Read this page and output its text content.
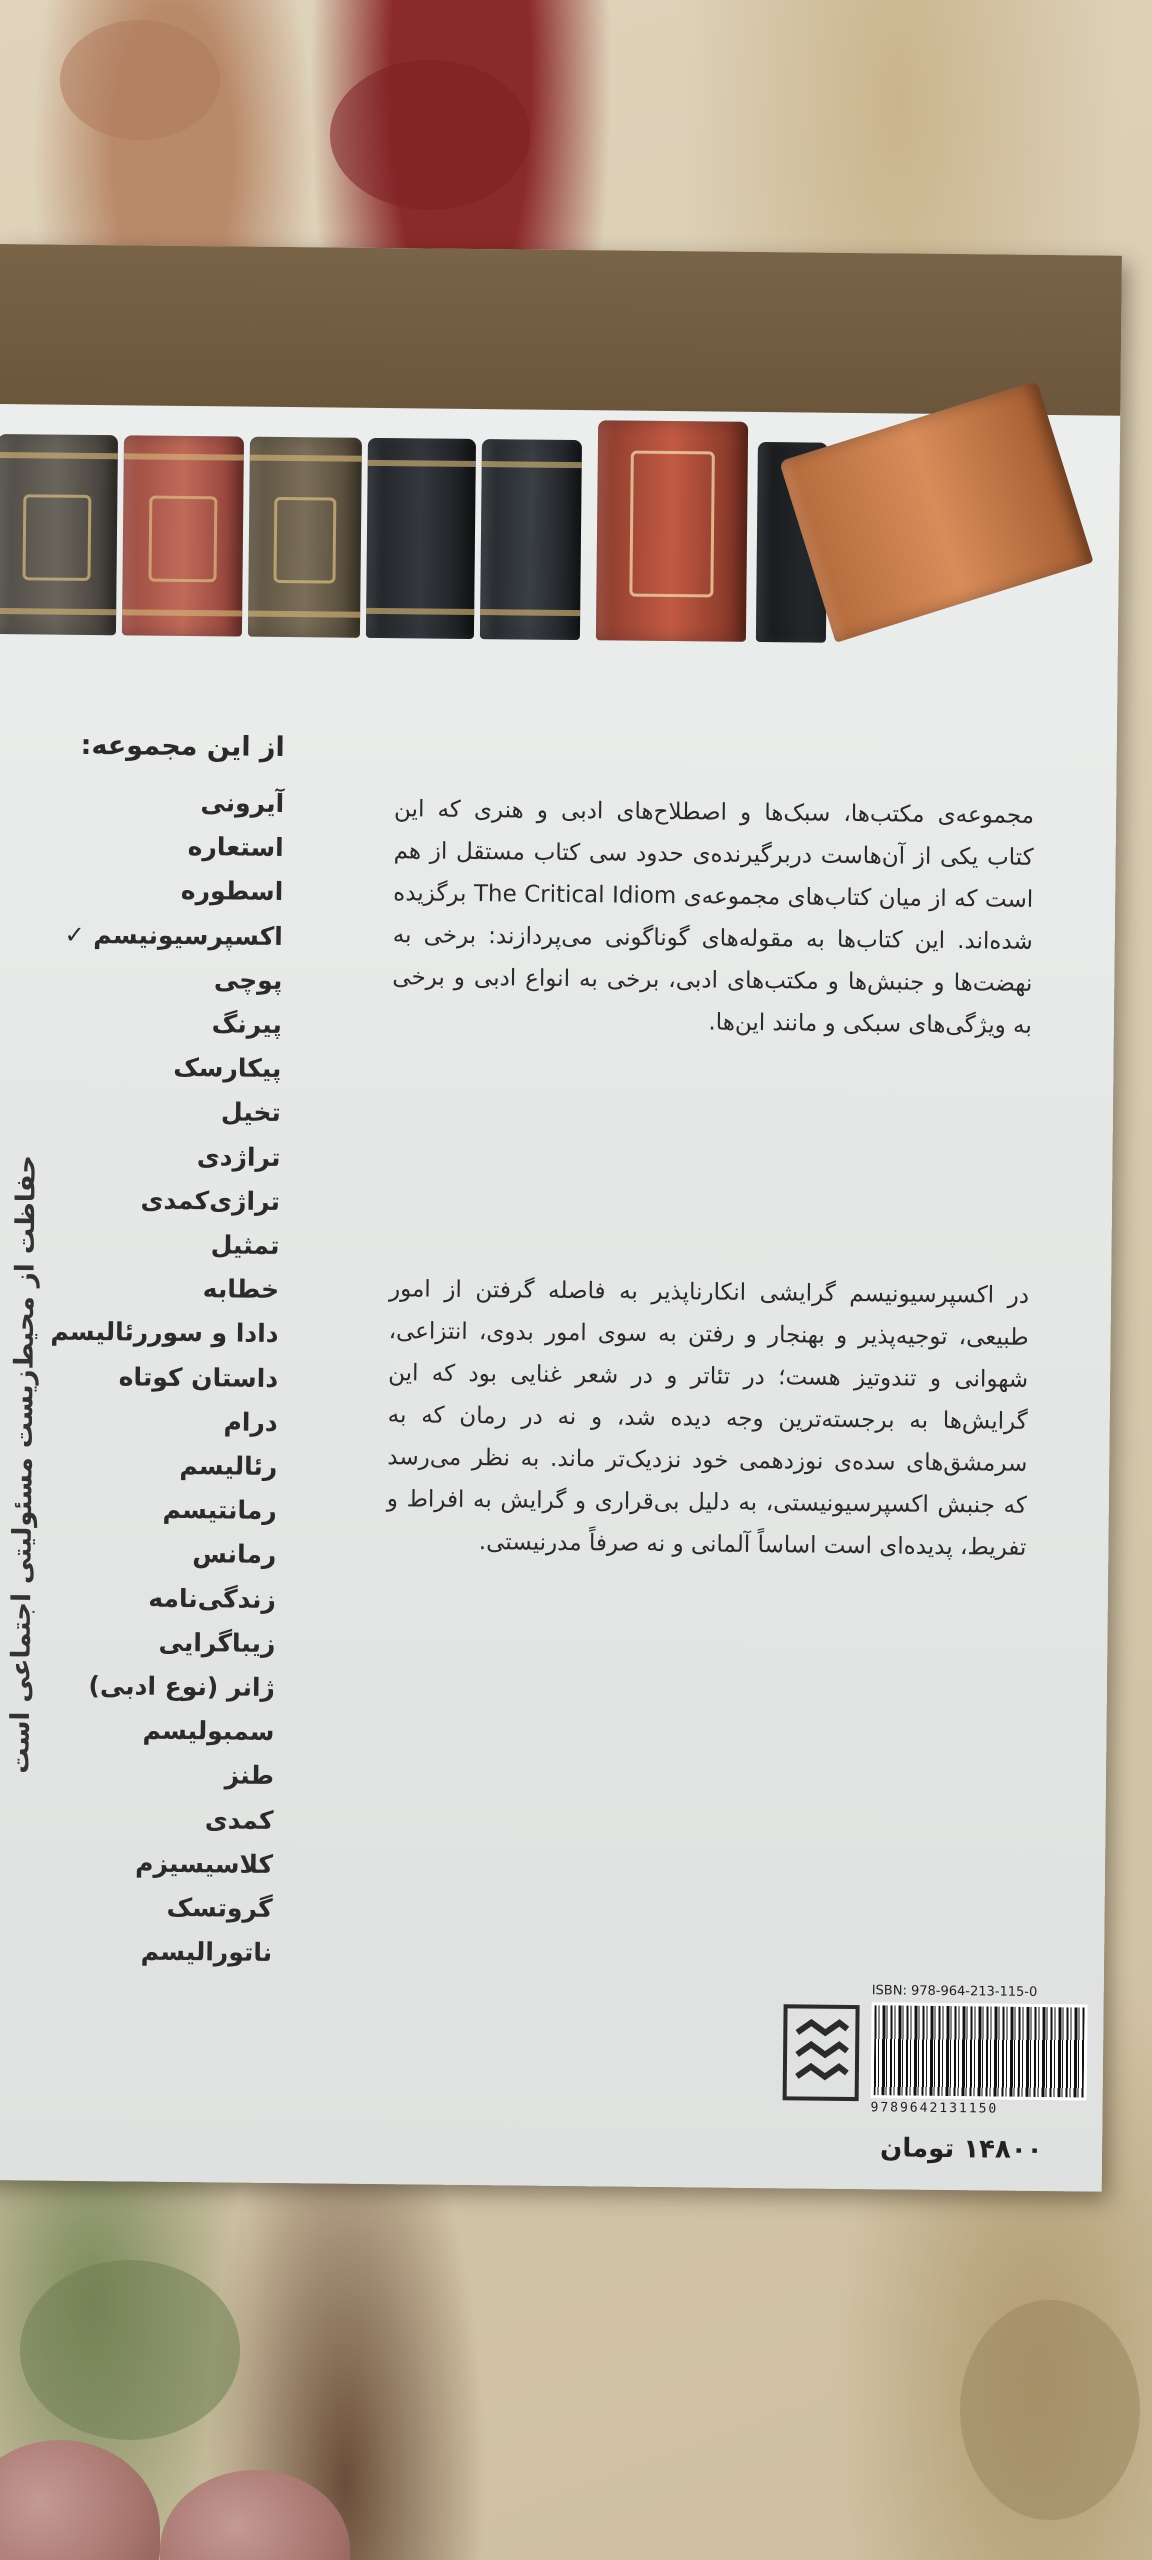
مجموعه‌ی مکتب‌ها، سبک‌ها و اصطلاح‌های ادبی و هنری که این کتاب یکی از آن‌هاست دربرگیرنده‌ی حدود سی کتاب مستقل از هم است که از میان کتاب‌های مجموعه‌ی The Critical Idiom برگزیده شده‌اند. این کتاب‌ها به مقوله‌های گوناگونی می‌پردازند: برخی به نهضت‌ها و جنبش‌ها و مکتب‌های ادبی، برخی به انواع ادبی و برخی به ویژگی‌های سبکی و مانند این‌ها.
در اکسپرسیونیسم گرایشی انکارناپذیر به فاصله گرفتن از امور طبیعی، توجیه‌پذیر و بهنجار و رفتن به سوی امور بدوی، انتزاعی، شهوانی و تندوتیز هست؛ در تئاتر و در شعر غنایی بود که این گرایش‌ها به برجسته‌ترین وجه دیده شد، و نه در رمان که به سرمشق‌های سده‌ی نوزدهمی خود نزدیک‌تر ماند. به نظر می‌رسد که جنبش اکسپرسیونیستی، به دلیل بی‌قراری و گرایش به افراط و تفریط، پدیده‌ای است اساساً آلمانی و نه صرفاً مدرنیستی.
از این مجموعه:
آیرونی
استعاره
اسطوره
اکسپرسیونیسم ✓
پوچی
پیرنگ
پیکارسک
تخیل
تراژدی
تراژی‌کمدی
تمثیل
خطابه
دادا و سوررئالیسم
داستان کوتاه
درام
رئالیسم
رمانتیسم
رمانس
زندگی‌نامه
زیباگرایی
ژانر (نوع ادبی)
سمبولیسم
طنز
کمدی
کلاسیسیزم
گروتسک
ناتورالیسم
حفاظت از محیط‌زیست مسئولیتی اجتماعی است
ISBN: 978-964-213-115-0
9789642131150
۱۴۸۰۰ تومان
